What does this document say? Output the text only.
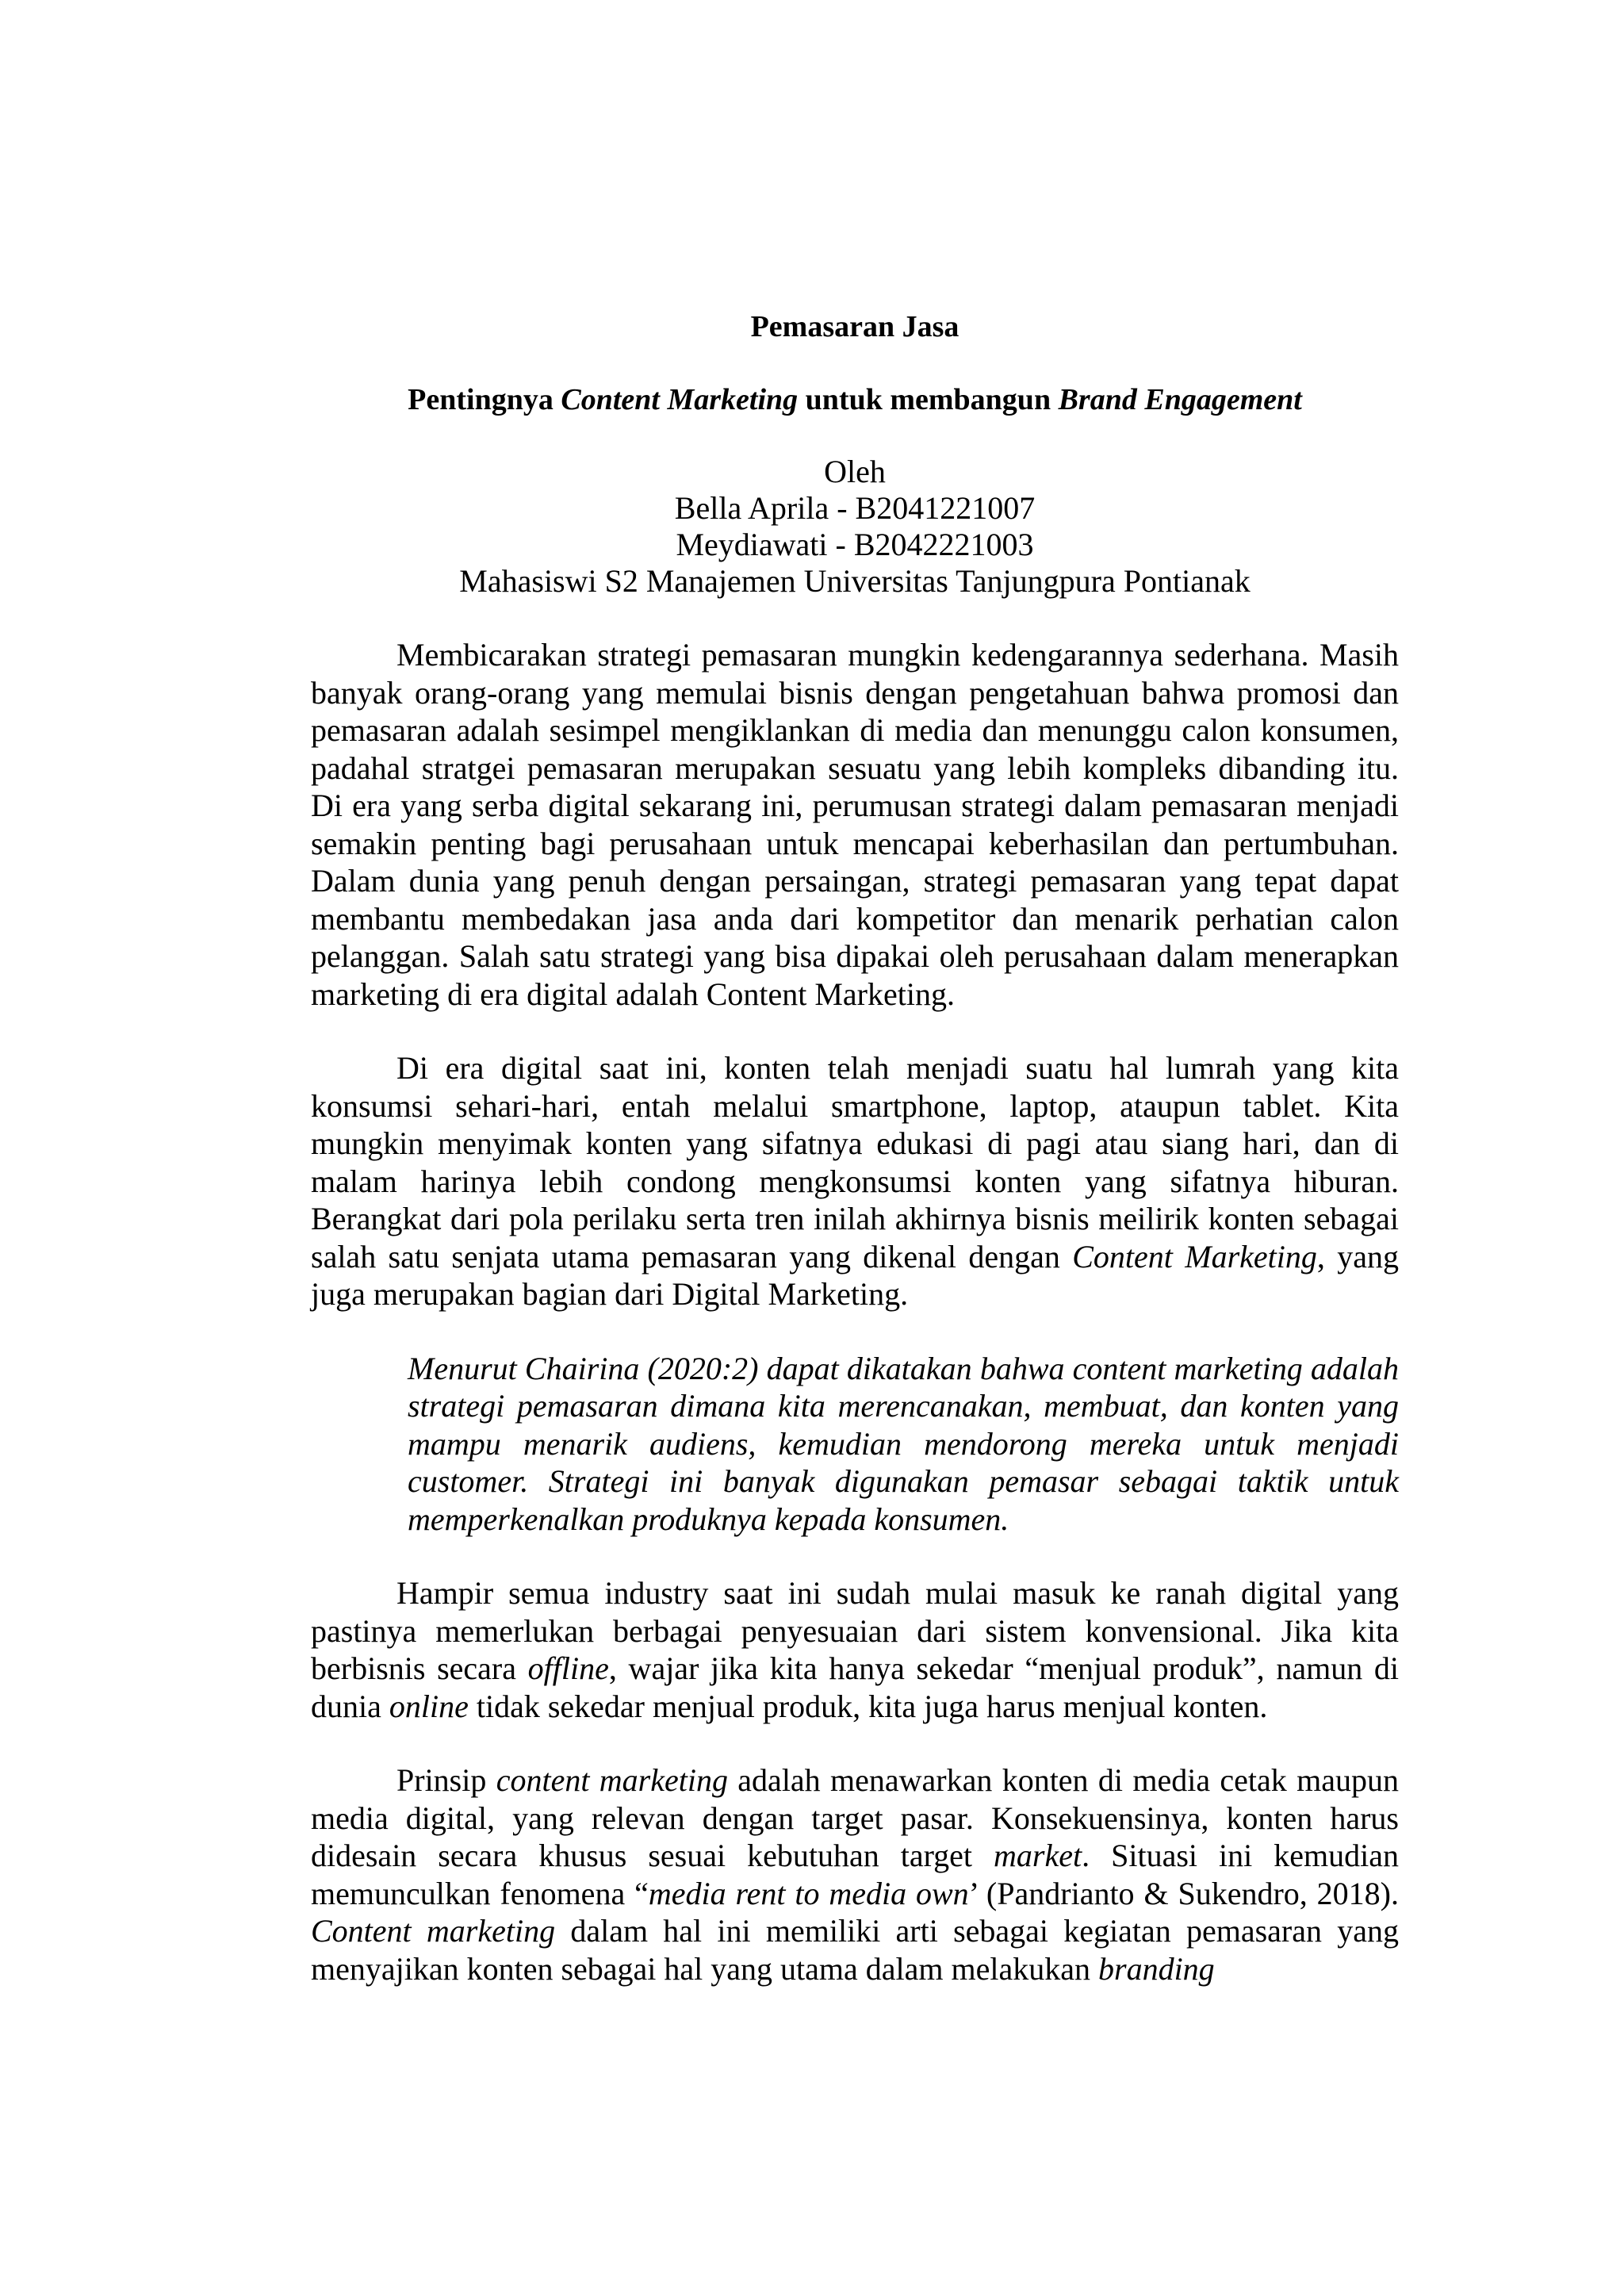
Pemasaran Jasa
Pentingnya Content Marketing untuk membangun Brand Engagement
Oleh
Bella Aprila - B2041221007
Meydiawati - B2042221003
Mahasiswi S2 Manajemen Universitas Tanjungpura Pontianak

Membicarakan strategi pemasaran mungkin kedengarannya sederhana. Masih banyak orang-orang yang memulai bisnis dengan pengetahuan bahwa promosi dan pemasaran adalah sesimpel mengiklankan di media dan menunggu calon konsumen, padahal stratgei pemasaran merupakan sesuatu yang lebih kompleks dibanding itu. Di era yang serba digital sekarang ini, perumusan strategi dalam pemasaran menjadi semakin penting bagi perusahaan untuk mencapai keberhasilan dan pertumbuhan. Dalam dunia yang penuh dengan persaingan, strategi pemasaran yang tepat dapat membantu membedakan jasa anda dari kompetitor dan menarik perhatian calon pelanggan. Salah satu strategi yang bisa dipakai oleh perusahaan dalam menerapkan marketing di era digital adalah Content Marketing.

Di era digital saat ini, konten telah menjadi suatu hal lumrah yang kita konsumsi sehari-hari, entah melalui smartphone, laptop, ataupun tablet. Kita mungkin menyimak konten yang sifatnya edukasi di pagi atau siang hari, dan di malam harinya lebih condong mengkonsumsi konten yang sifatnya hiburan. Berangkat dari pola perilaku serta tren inilah akhirnya bisnis meilirik konten sebagai salah satu senjata utama pemasaran yang dikenal dengan Content Marketing, yang juga merupakan bagian dari Digital Marketing.

Menurut Chairina (2020:2) dapat dikatakan bahwa content marketing adalah strategi pemasaran dimana kita merencanakan, membuat, dan konten yang mampu menarik audiens, kemudian mendorong mereka untuk menjadi customer. Strategi ini banyak digunakan pemasar sebagai taktik untuk memperkenalkan produknya kepada konsumen.

Hampir semua industry saat ini sudah mulai masuk ke ranah digital yang pastinya memerlukan berbagai penyesuaian dari sistem konvensional. Jika kita berbisnis secara offline, wajar jika kita hanya sekedar “menjual produk”, namun di dunia online tidak sekedar menjual produk, kita juga harus menjual konten.

Prinsip content marketing adalah menawarkan konten di media cetak maupun media digital, yang relevan dengan target pasar. Konsekuensinya, konten harus didesain secara khusus sesuai kebutuhan target market. Situasi ini kemudian memunculkan fenomena “media rent to media own’ (Pandrianto & Sukendro, 2018). Content marketing dalam hal ini memiliki arti sebagai kegiatan pemasaran yang menyajikan konten sebagai hal yang utama dalam melakukan branding
